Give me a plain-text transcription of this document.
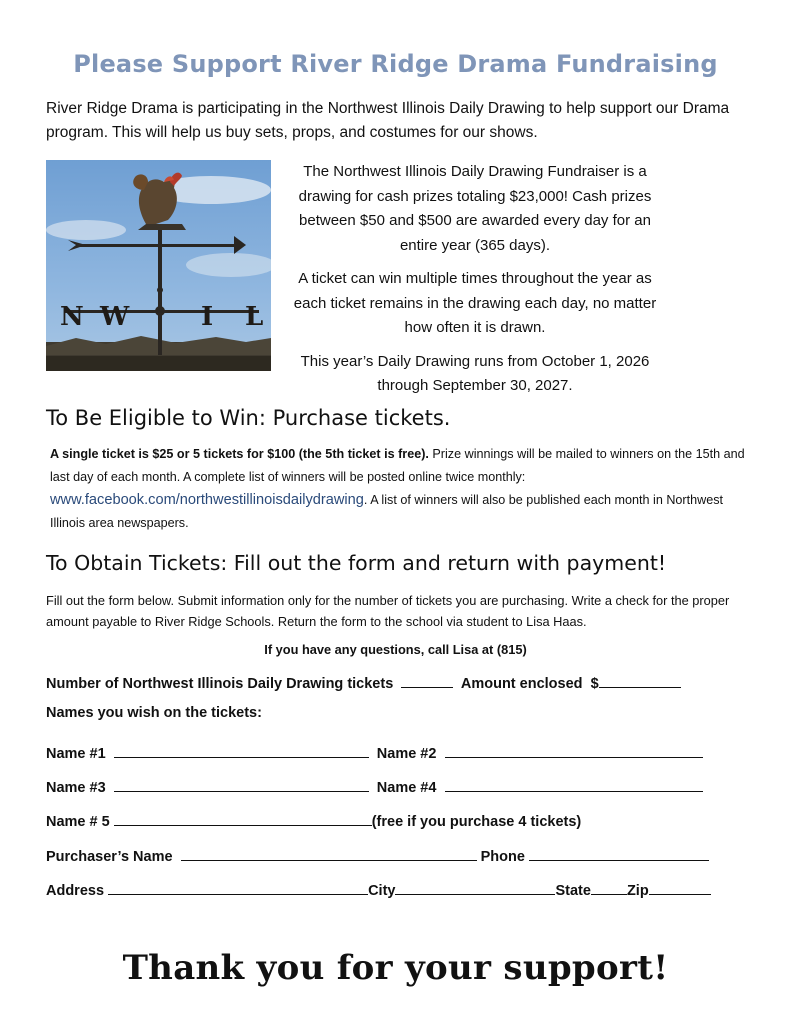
Please Support River Ridge Drama Fundraising
River Ridge Drama is participating in the Northwest Illinois Daily Drawing to help support our Drama program. This will help us buy sets, props, and costumes for our shows.
N W	I L

The Northwest Illinois Daily Drawing Fundraiser is a drawing for cash prizes totaling $23,000! Cash prizes between $50 and $500 are awarded every day for an entire year (365 days).

A ticket can win multiple times throughout the year as each ticket remains in the drawing each day, no matter how often it is drawn.

This year’s Daily Drawing runs from October 1, 2026 through September 30, 2027.

To Be Eligible to Win: Purchase tickets.
A single ticket is $25 or 5 tickets for $100 (the 5th ticket is free). Prize winnings will be mailed to winners on the 15th and last day of each month. A complete list of winners will be posted online twice monthly:
www.facebook.com/northwestillinoisdailydrawing. A list of winners will also be published each month in Northwest Illinois area newspapers.
To Obtain Tickets: Fill out the form and return with payment!
Fill out the form below. Submit information only for the number of tickets you are purchasing. Write a check for the proper amount payable to River Ridge Schools. Return the form to the school via student to Lisa Haas.
If you have any questions, call Lisa at (815)
Number of Northwest Illinois Daily Drawing tickets	Amount enclosed  $
Names you wish on the tickets:
Name #1	Name #2
Name #3	Name #4
Name # 5	(free if you purchase 4 tickets)
Purchaser’s Name	Phone
Address	City	State Zip
Thank you for your support!
